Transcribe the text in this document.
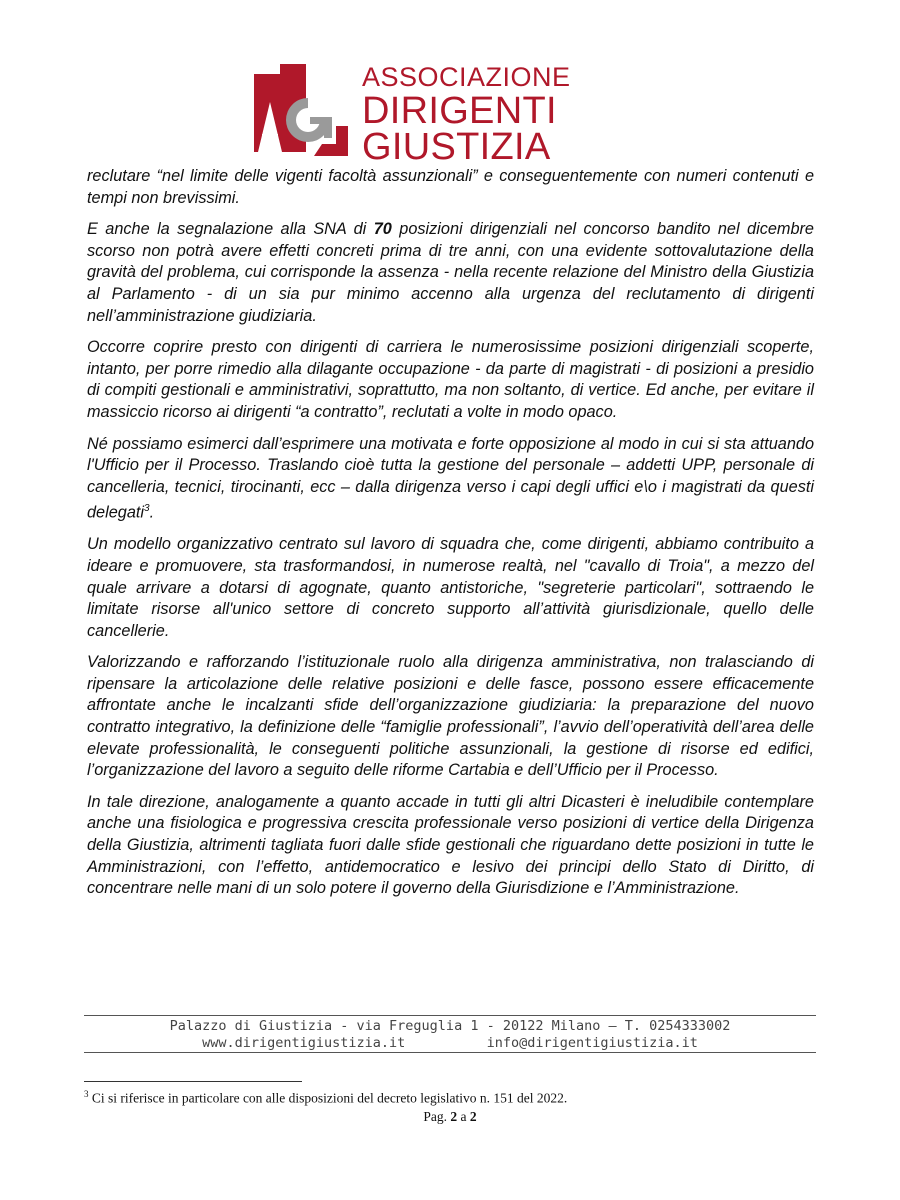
ASSOCIAZIONE
DIRIGENTI
GIUSTIZIA

reclutare “nel limite delle vigenti facoltà assunzionali” e conseguentemente con numeri contenuti e tempi non brevissimi.

E anche la segnalazione alla SNA di 70 posizioni dirigenziali nel concorso bandito nel dicembre scorso non potrà avere effetti concreti prima di tre anni, con una evidente sottovalutazione della gravità del problema, cui corrisponde la assenza - nella recente relazione del Ministro della Giustizia al Parlamento - di un sia pur minimo accenno alla urgenza del reclutamento di dirigenti nell’amministrazione giudiziaria.

Occorre coprire presto con dirigenti di carriera le numerosissime posizioni dirigenziali scoperte, intanto, per porre rimedio alla dilagante occupazione - da parte di magistrati - di posizioni a presidio di compiti gestionali e amministrativi, soprattutto, ma non soltanto, di vertice. Ed anche, per evitare il massiccio ricorso ai dirigenti “a contratto”, reclutati a volte in modo opaco.

Né possiamo esimerci dall’esprimere una motivata e forte opposizione al modo in cui si sta attuando l'Ufficio per il Processo. Traslando cioè tutta la gestione del personale – addetti UPP, personale di cancelleria, tecnici, tirocinanti, ecc – dalla dirigenza verso i capi degli uffici e\o i magistrati da questi delegati$^3$.

Un modello organizzativo centrato sul lavoro di squadra che, come dirigenti, abbiamo contribuito a ideare e promuovere, sta trasformandosi, in numerose realtà, nel "cavallo di Troia", a mezzo del quale arrivare a dotarsi di agognate, quanto antistoriche, "segreterie particolari", sottraendo le limitate risorse all'unico settore di concreto supporto all’attività giurisdizionale, quello delle cancellerie.

Valorizzando e rafforzando l’istituzionale ruolo alla dirigenza amministrativa, non tralasciando di ripensare la articolazione delle relative posizioni e delle fasce, possono essere efficacemente affrontate anche le incalzanti sfide dell’organizzazione giudiziaria: la preparazione del nuovo contratto integrativo, la definizione delle “famiglie professionali”, l’avvio dell’operatività dell’area delle elevate professionalità, le conseguenti politiche assunzionali, la gestione di risorse ed edifici, l’organizzazione del lavoro a seguito delle riforme Cartabia e dell’Ufficio per il Processo.

In tale direzione, analogamente a quanto accade in tutti gli altri Dicasteri è ineludibile contemplare anche una fisiologica e progressiva crescita professionale verso posizioni di vertice della Dirigenza della Giustizia, altrimenti tagliata fuori dalle sfide gestionali che riguardano dette posizioni in tutte le Amministrazioni, con l’effetto, antidemocratico e lesivo dei principi dello Stato di Diritto, di concentrare nelle mani di un solo potere il governo della Giurisdizione e l’Amministrazione.

Palazzo di Giustizia - via Freguglia 1 - 20122 Milano – T. 0254333002
www.dirigentigiustizia.it	info@dirigentigiustizia.it
$^3$ Ci si riferisce in particolare con alle disposizioni del decreto legislativo n. 151 del 2022.
Pag. 2 a 2
